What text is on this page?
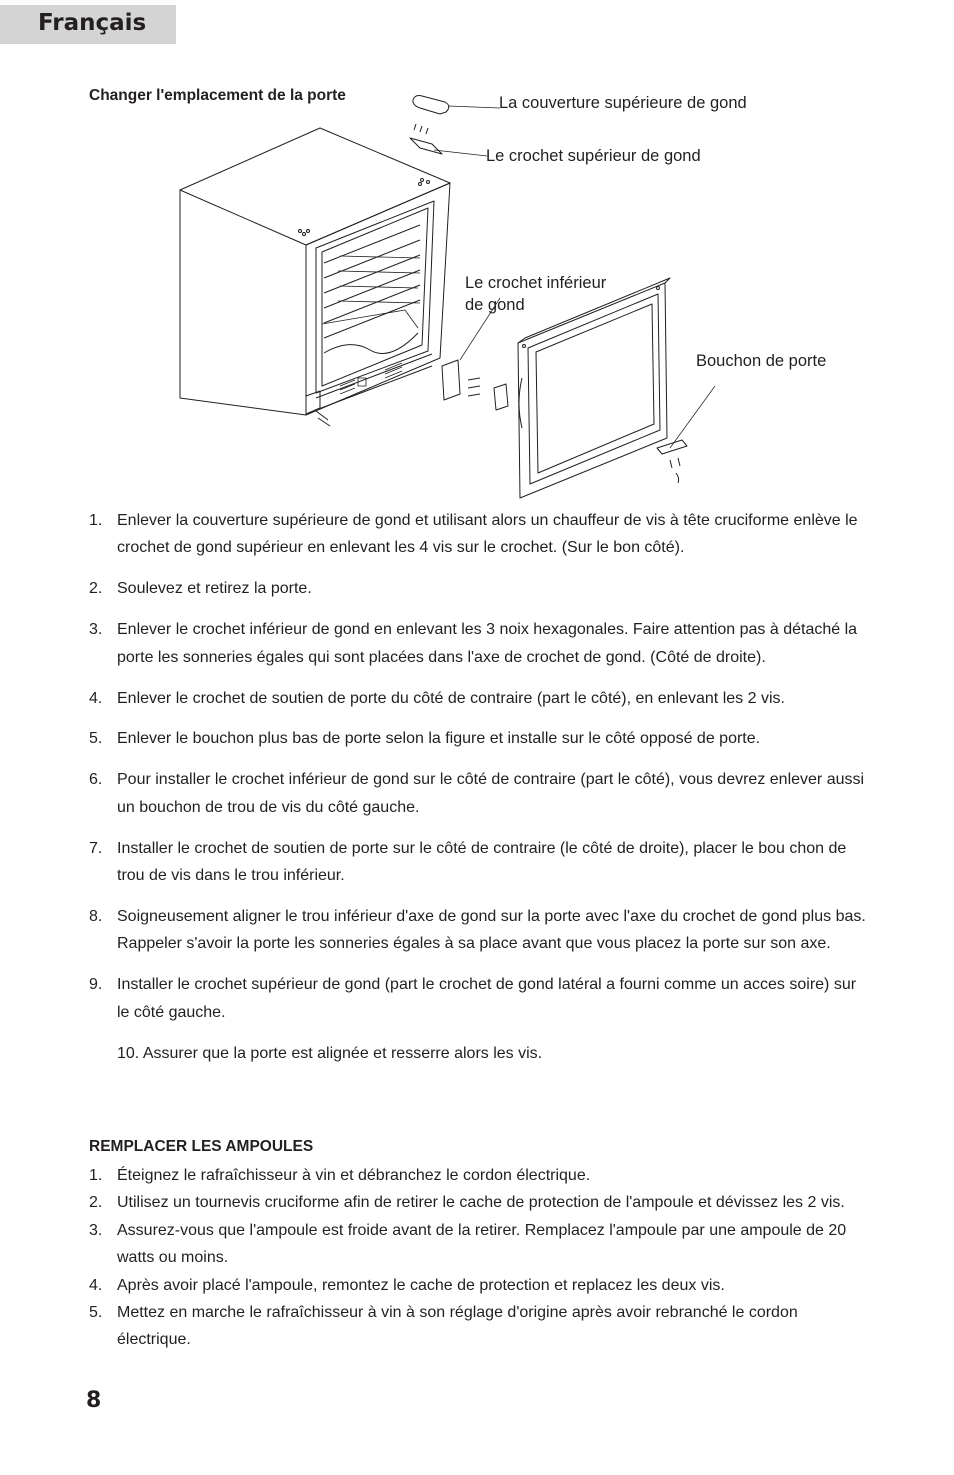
Français
Changer l'emplacement de la porte	La couverture supérieure de gond
Le crochet supérieur de gond
Le crochet inférieur
de gond
Bouchon de porte
1. Enlever la couverture supérieure de gond et utilisant alors un chauffeur de vis à tête cruciforme enlève le crochet de gond supérieur en enlevant les 4 vis sur le crochet. (Sur le bon côté).
2. Soulevez et retirez la porte.
3. Enlever le crochet inférieur de gond en enlevant les 3 noix hexagonales. Faire attention pas à détaché la porte les sonneries égales qui sont placées dans l'axe de crochet de gond. (Côté de droite).
4. Enlever le crochet de soutien de porte du côté de contraire (part le côté), en enlevant les 2 vis.
5. Enlever le bouchon plus bas de porte selon la figure et installe sur le côté opposé de porte.
6. Pour installer le crochet inférieur de gond sur le côté de contraire (part le côté), vous devrez enlever aussi un bouchon de trou de vis du côté gauche.
7. Installer le crochet de soutien de porte sur le côté de contraire (le côté de droite), placer le bou chon de trou de vis dans le trou inférieur.
8. Soigneusement aligner le trou inférieur d'axe de gond sur la porte avec l'axe du crochet de gond plus bas. Rappeler s'avoir la porte les sonneries égales à sa place avant que vous placez la porte sur son axe.
9. Installer le crochet supérieur de gond (part le crochet de gond latéral a fourni comme un acces soire) sur le côté gauche.
10. Assurer que la porte est alignée et resserre alors les vis.
REMPLACER LES AMPOULES
1. Éteignez le rafraîchisseur à vin et débranchez le cordon électrique.
2. Utilisez un tournevis cruciforme afin de retirer le cache de protection de l'ampoule et dévissez les 2 vis.
3. Assurez-vous que l'ampoule est froide avant de la retirer. Remplacez l'ampoule par une ampoule de 20 watts ou moins.
4. Après avoir placé l'ampoule, remontez le cache de protection et replacez les deux vis.
5. Mettez en marche le rafraîchisseur à vin à son réglage d'origine après avoir rebranché le cordon électrique.
8
